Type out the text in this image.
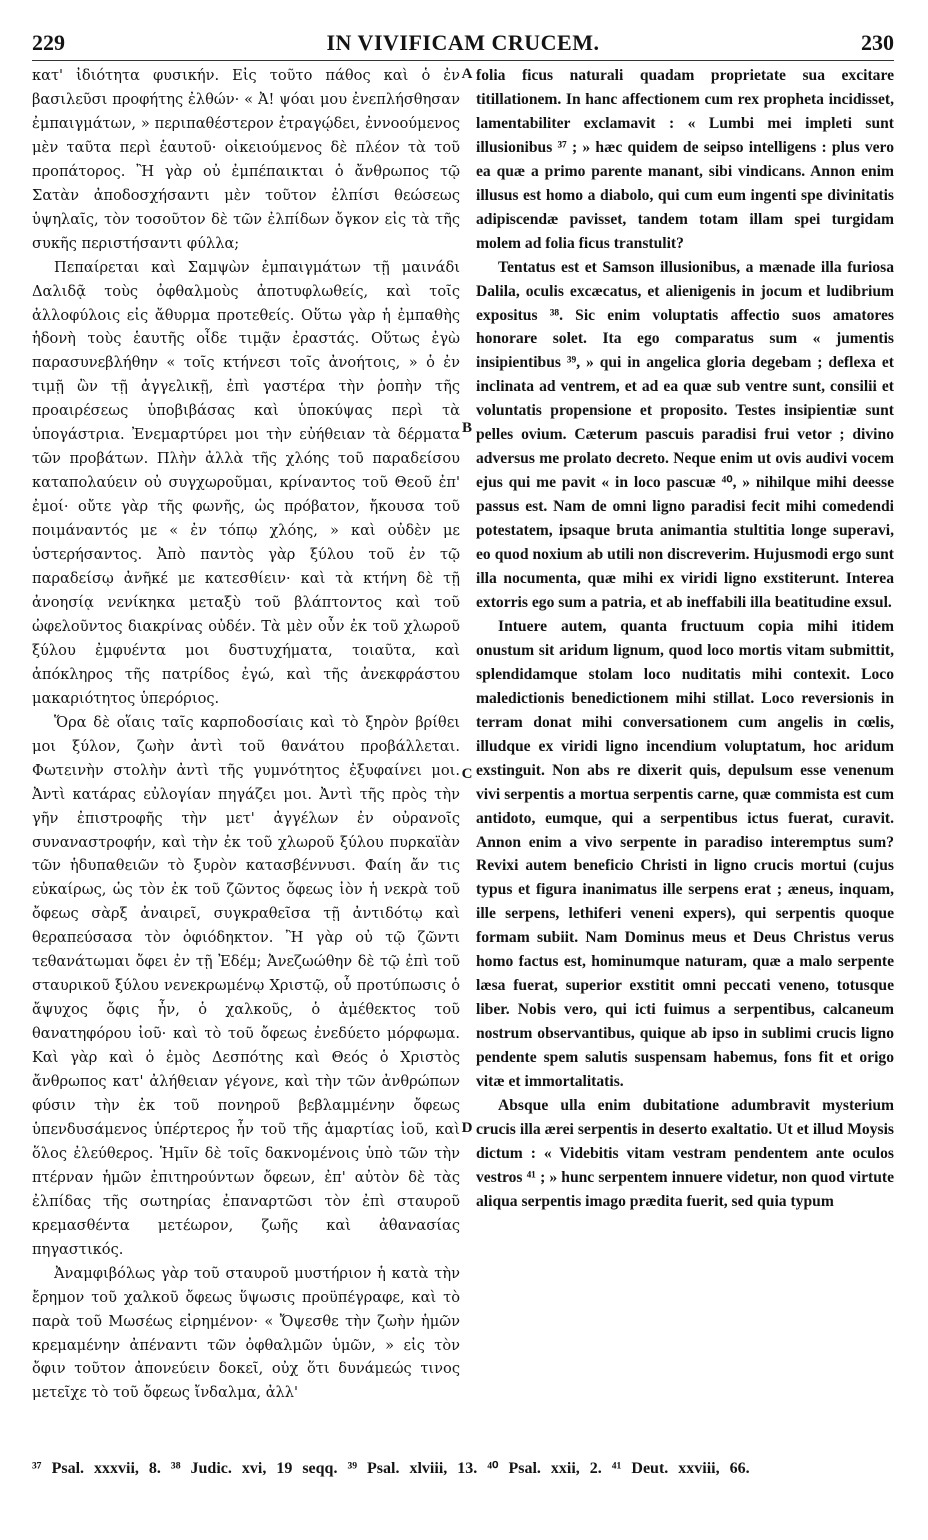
229	IN VIVIFICAM CRUCEM.	230

κατ' ἰδιότητα φυσικήν. Εἰς τοῦτο πάθος καὶ ὁ ἐν βασιλεῦσι προφήτης ἐλθών· « Ἀ! ψόαι μου ἐνεπλήσθησαν ἐμπαιγμάτων, » περιπαθέστερον ἐτραγῴδει, ἐννοούμενος μὲν ταῦτα περὶ ἑαυτοῦ· οἰκειούμενος δὲ πλέον τὰ τοῦ προπάτορος. Ἢ γὰρ οὐ ἐμπέπαικται ὁ ἄνθρωπος τῷ Σατὰν ἀποδοσχήσαντι μὲν τοῦτον ἐλπίσι θεώσεως ὑψηλαῖς, τὸν τοσοῦτον δὲ τῶν ἐλπίδων ὄγκον εἰς τὰ τῆς συκῆς περιστήσαντι φύλλα;

Πεπαίρεται καὶ Σαμψὼν ἐμπαιγμάτων τῇ μαινάδι Δαλιδᾷ τοὺς ὀφθαλμοὺς ἀποτυφλωθείς, καὶ τοῖς ἀλλοφύλοις εἰς ἄθυρμα προτεθείς. Οὕτω γὰρ ἡ ἐμπαθὴς ἡδονὴ τοὺς ἑαυτῆς οἶδε τιμᾷν ἐραστάς. Οὕτως ἐγὼ παρασυνεβλήθην « τοῖς κτήνεσι τοῖς ἀνοήτοις, » ὁ ἐν τιμῇ ὢν τῇ ἀγγελικῇ, ἐπὶ γαστέρα τὴν ῥοπὴν τῆς προαιρέσεως ὑποβιβάσας καὶ ὑποκύψας περὶ τὰ ὑπογάστρια. Ἐνεμαρτύρει μοι τὴν εὐήθειαν τὰ δέρματα τῶν προβάτων. Πλὴν ἀλλὰ τῆς χλόης τοῦ παραδείσου καταπολαύειν οὐ συγχωροῦμαι, κρίναντος τοῦ Θεοῦ ἐπ' ἐμοί· οὔτε γὰρ τῆς φωνῆς, ὡς πρόβατον, ἤκουσα τοῦ ποιμάναντός με « ἐν τόπῳ χλόης, » καὶ οὐδὲν με ὑστερήσαντος. Ἀπὸ παντὸς γὰρ ξύλου τοῦ ἐν τῷ παραδείσῳ ἀνῆκέ με κατεσθίειν· καὶ τὰ κτήνη δὲ τῇ ἀνοησίᾳ νενίκηκα μεταξὺ τοῦ βλάπτοντος καὶ τοῦ ὠφελοῦντος διακρίνας οὐδέν. Τὰ μὲν οὖν ἐκ τοῦ χλωροῦ ξύλου ἐμφυέντα μοι δυστυχήματα, τοιαῦτα, καὶ ἀπόκληρος τῆς πατρίδος ἐγώ, καὶ τῆς ἀνεκφράστου μακαριότητος ὑπερόριος.

Ὅρα δὲ οἵαις ταῖς καρποδοσίαις καὶ τὸ ξηρὸν βρίθει μοι ξύλον, ζωὴν ἀντὶ τοῦ θανάτου προβάλλεται. Φωτεινὴν στολὴν ἀντὶ τῆς γυμνότητος ἐξυφαίνει μοι. Ἀντὶ κατάρας εὐλογίαν πηγάζει μοι. Ἀντὶ τῆς πρὸς τὴν γῆν ἐπιστροφῆς τὴν μετ' ἀγγέλων ἐν οὐρανοῖς συναναστροφήν, καὶ τὴν ἐκ τοῦ χλωροῦ ξύλου πυρκαϊὰν τῶν ἡδυπαθειῶν τὸ ξυρὸν κατασβέννυσι. Φαίη ἄν τις εὐκαίρως, ὡς τὸν ἐκ τοῦ ζῶντος ὄφεως ἰὸν ἡ νεκρὰ τοῦ ὄφεως σὰρξ ἀναιρεῖ, συγκραθεῖσα τῇ ἀντιδότῳ καὶ θεραπεύσασα τὸν ὀφιόδηκτον. Ἢ γὰρ οὐ τῷ ζῶντι τεθανάτωμαι ὄφει ἐν τῇ Ἐδέμ; Ἀνεζωώθην δὲ τῷ ἐπὶ τοῦ σταυρικοῦ ξύλου νενεκρωμένῳ Χριστῷ, οὗ προτύπωσις ὁ ἄψυχος ὄφις ἦν, ὁ χαλκοῦς, ὁ ἀμέθεκτος τοῦ θανατηφόρου ἰοῦ· καὶ τὸ τοῦ ὄφεως ἐνεδύετο μόρφωμα. Καὶ γὰρ καὶ ὁ ἐμὸς Δεσπότης καὶ Θεός ὁ Χριστὸς ἄνθρωπος κατ' ἀλήθειαν γέγονε, καὶ τὴν τῶν ἀνθρώπων φύσιν τὴν ἐκ τοῦ πονηροῦ βεβλαμμένην ὄφεως ὑπενδυσάμενος ὑπέρτερος ἦν τοῦ τῆς ἁμαρτίας ἰοῦ, καὶ ὅλος ἐλεύθερος. Ἡμῖν δὲ τοῖς δακνομένοις ὑπὸ τῶν τὴν πτέρναν ἡμῶν ἐπιτηρούντων ὄφεων, ἐπ' αὐτὸν δὲ τὰς ἐλπίδας τῆς σωτηρίας ἐπαναρτῶσι τὸν ἐπὶ σταυροῦ κρεμασθέντα μετέωρον, ζωῆς καὶ ἀθανασίας πηγαστικός.

Ἀναμφιβόλως γὰρ τοῦ σταυροῦ μυστήριον ἡ κατὰ τὴν ἔρημον τοῦ χαλκοῦ ὄφεως ὕψωσις προϋπέγραφε, καὶ τὸ παρὰ τοῦ Μωσέως εἰρημένον· « Ὄψεσθε τὴν ζωὴν ἡμῶν κρεμαμένην ἀπέναντι τῶν ὀφθαλμῶν ὑμῶν, » εἰς τὸν ὄφιν τοῦτον ἀπονεύειν δοκεῖ, οὐχ ὅτι δυνάμεώς τινος μετεῖχε τὸ τοῦ ὄφεως ἴνδαλμα, ἀλλ'

A
B
C
D

folia ficus naturali quadam proprietate sua excitare titillationem. In hanc affectionem cum rex propheta incidisset, lamentabiliter exclamavit : « Lumbi mei impleti sunt illusionibus ³⁷ ; » hæc quidem de seipso intelligens : plus vero ea quæ a primo parente manant, sibi vindicans. Annon enim illusus est homo a diabolo, qui cum eum ingenti spe divinitatis adipiscendæ pavisset, tandem totam illam spei turgidam molem ad folia ficus transtulit?

Tentatus est et Samson illusionibus, a mænade illa furiosa Dalila, oculis excæcatus, et alienigenis in jocum et ludibrium expositus ³⁸. Sic enim voluptatis affectio suos amatores honorare solet. Ita ego comparatus sum « jumentis insipientibus ³⁹, » qui in angelica gloria degebam ; deflexa et inclinata ad ventrem, et ad ea quæ sub ventre sunt, consilii et voluntatis propensione et proposito. Testes insipientiæ sunt pelles ovium. Cæterum pascuis paradisi frui vetor ; divino adversus me prolato decreto. Neque enim ut ovis audivi vocem ejus qui me pavit « in loco pascuæ ⁴⁰, » nihilque mihi deesse passus est. Nam de omni ligno paradisi fecit mihi comedendi potestatem, ipsaque bruta animantia stultitia longe superavi, eo quod noxium ab utili non discreverim. Hujusmodi ergo sunt illa nocumenta, quæ mihi ex viridi ligno exstiterunt. Interea extorris ego sum a patria, et ab ineffabili illa beatitudine exsul.

Intuere autem, quanta fructuum copia mihi itidem onustum sit aridum lignum, quod loco mortis vitam submittit, splendidamque stolam loco nuditatis mihi contexit. Loco maledictionis benedictionem mihi stillat. Loco reversionis in terram donat mihi conversationem cum angelis in cœlis, illudque ex viridi ligno incendium voluptatum, hoc aridum exstinguit. Non abs re dixerit quis, depulsum esse venenum vivi serpentis a mortua serpentis carne, quæ commista est cum antidoto, eumque, qui a serpentibus ictus fuerat, curavit. Annon enim a vivo serpente in paradiso interemptus sum? Revixi autem beneficio Christi in ligno crucis mortui (cujus typus et figura inanimatus ille serpens erat ; æneus, inquam, ille serpens, lethiferi veneni expers), qui serpentis quoque formam subiit. Nam Dominus meus et Deus Christus verus homo factus est, hominumque naturam, quæ a malo serpente læsa fuerat, superior exstitit omni peccati veneno, totusque liber. Nobis vero, qui icti fuimus a serpentibus, calcaneum nostrum observantibus, quique ab ipso in sublimi crucis ligno pendente spem salutis suspensam habemus, fons fit et origo vitæ et immortalitatis.

Absque ulla enim dubitatione adumbravit mysterium crucis illa ærei serpentis in deserto exaltatio. Ut et illud Moysis dictum : « Videbitis vitam vestram pendentem ante oculos vestros ⁴¹ ; » hunc serpentem innuere videtur, non quod virtute aliqua serpentis imago prædita fuerit, sed quia typum

³⁷ Psal. xxxvii, 8. ³⁸ Judic. xvi, 19 seqq. ³⁹ Psal. xlviii, 13. ⁴⁰ Psal. xxii, 2. ⁴¹ Deut. xxviii, 66.
